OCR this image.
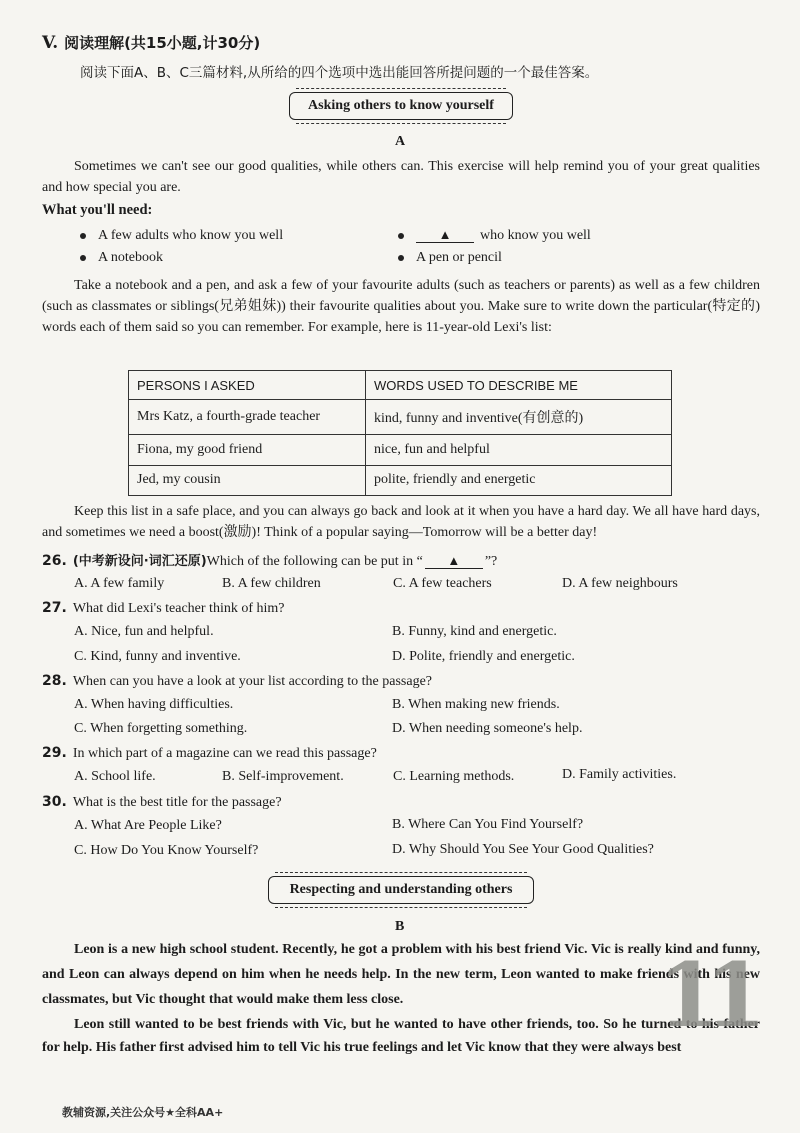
V. 阅读理解(共15小题,计30分)
阅读下面A、B、C三篇材料,从所给的四个选项中选出能回答所提问题的一个最佳答案。
Asking others to know yourself
A
Sometimes we can't see our good qualities, while others can. This exercise will help remind you of your great qualities and how special you are.
What you'll need:
A few adults who know you well	▲ who know you well
A notebook	A pen or pencil
Take a notebook and a pen, and ask a few of your favourite adults (such as teachers or parents) as well as a few children (such as classmates or siblings(兄弟姐妹)) their favourite qualities about you. Make sure to write down the particular(特定的) words each of them said so you can remember. For example, here is 11-year-old Lexi's list:
PERSONS I ASKED	WORDS USED TO DESCRIBE ME
Mrs Katz, a fourth-grade teacher	kind, funny and inventive(有创意的)
Fiona, my good friend	nice, fun and helpful
Jed, my cousin	polite, friendly and energetic
Keep this list in a safe place, and you can always go back and look at it when you have a hard day. We all have hard days, and sometimes we need a boost(激励)! Think of a popular saying—Tomorrow will be a better day!
26. (中考新设问·词汇还原)Which of the following can be put in “ ▲ ”?
A. A few family	B. A few children	C. A few teachers	D. A few neighbours
27. What did Lexi's teacher think of him?
A. Nice, fun and helpful.	B. Funny, kind and energetic.
C. Kind, funny and inventive.	D. Polite, friendly and energetic.
28. When can you have a look at your list according to the passage?
A. When having difficulties.	B. When making new friends.
C. When forgetting something.	D. When needing someone's help.
29. In which part of a magazine can we read this passage?
A. School life.	B. Self-improvement.	C. Learning methods.	D. Family activities.
30. What is the best title for the passage?
A. What Are People Like?	B. Where Can You Find Yourself?
C. How Do You Know Yourself?	D. Why Should You See Your Good Qualities?
Respecting and understanding others
B
Leon is a new high school student. Recently, he got a problem with his best friend Vic. Vic is really kind and funny, and Leon can always depend on him when he needs help. In the new term, Leon wanted to make friends with his new classmates, but Vic thought that would make them less close.
Leon still wanted to be best friends with Vic, but he wanted to have other friends, too. So he turned to his father for help. His father first advised him to tell Vic his true feelings and let Vic know that they were always best
11
教辅资源,关注公众号★全科AA+
